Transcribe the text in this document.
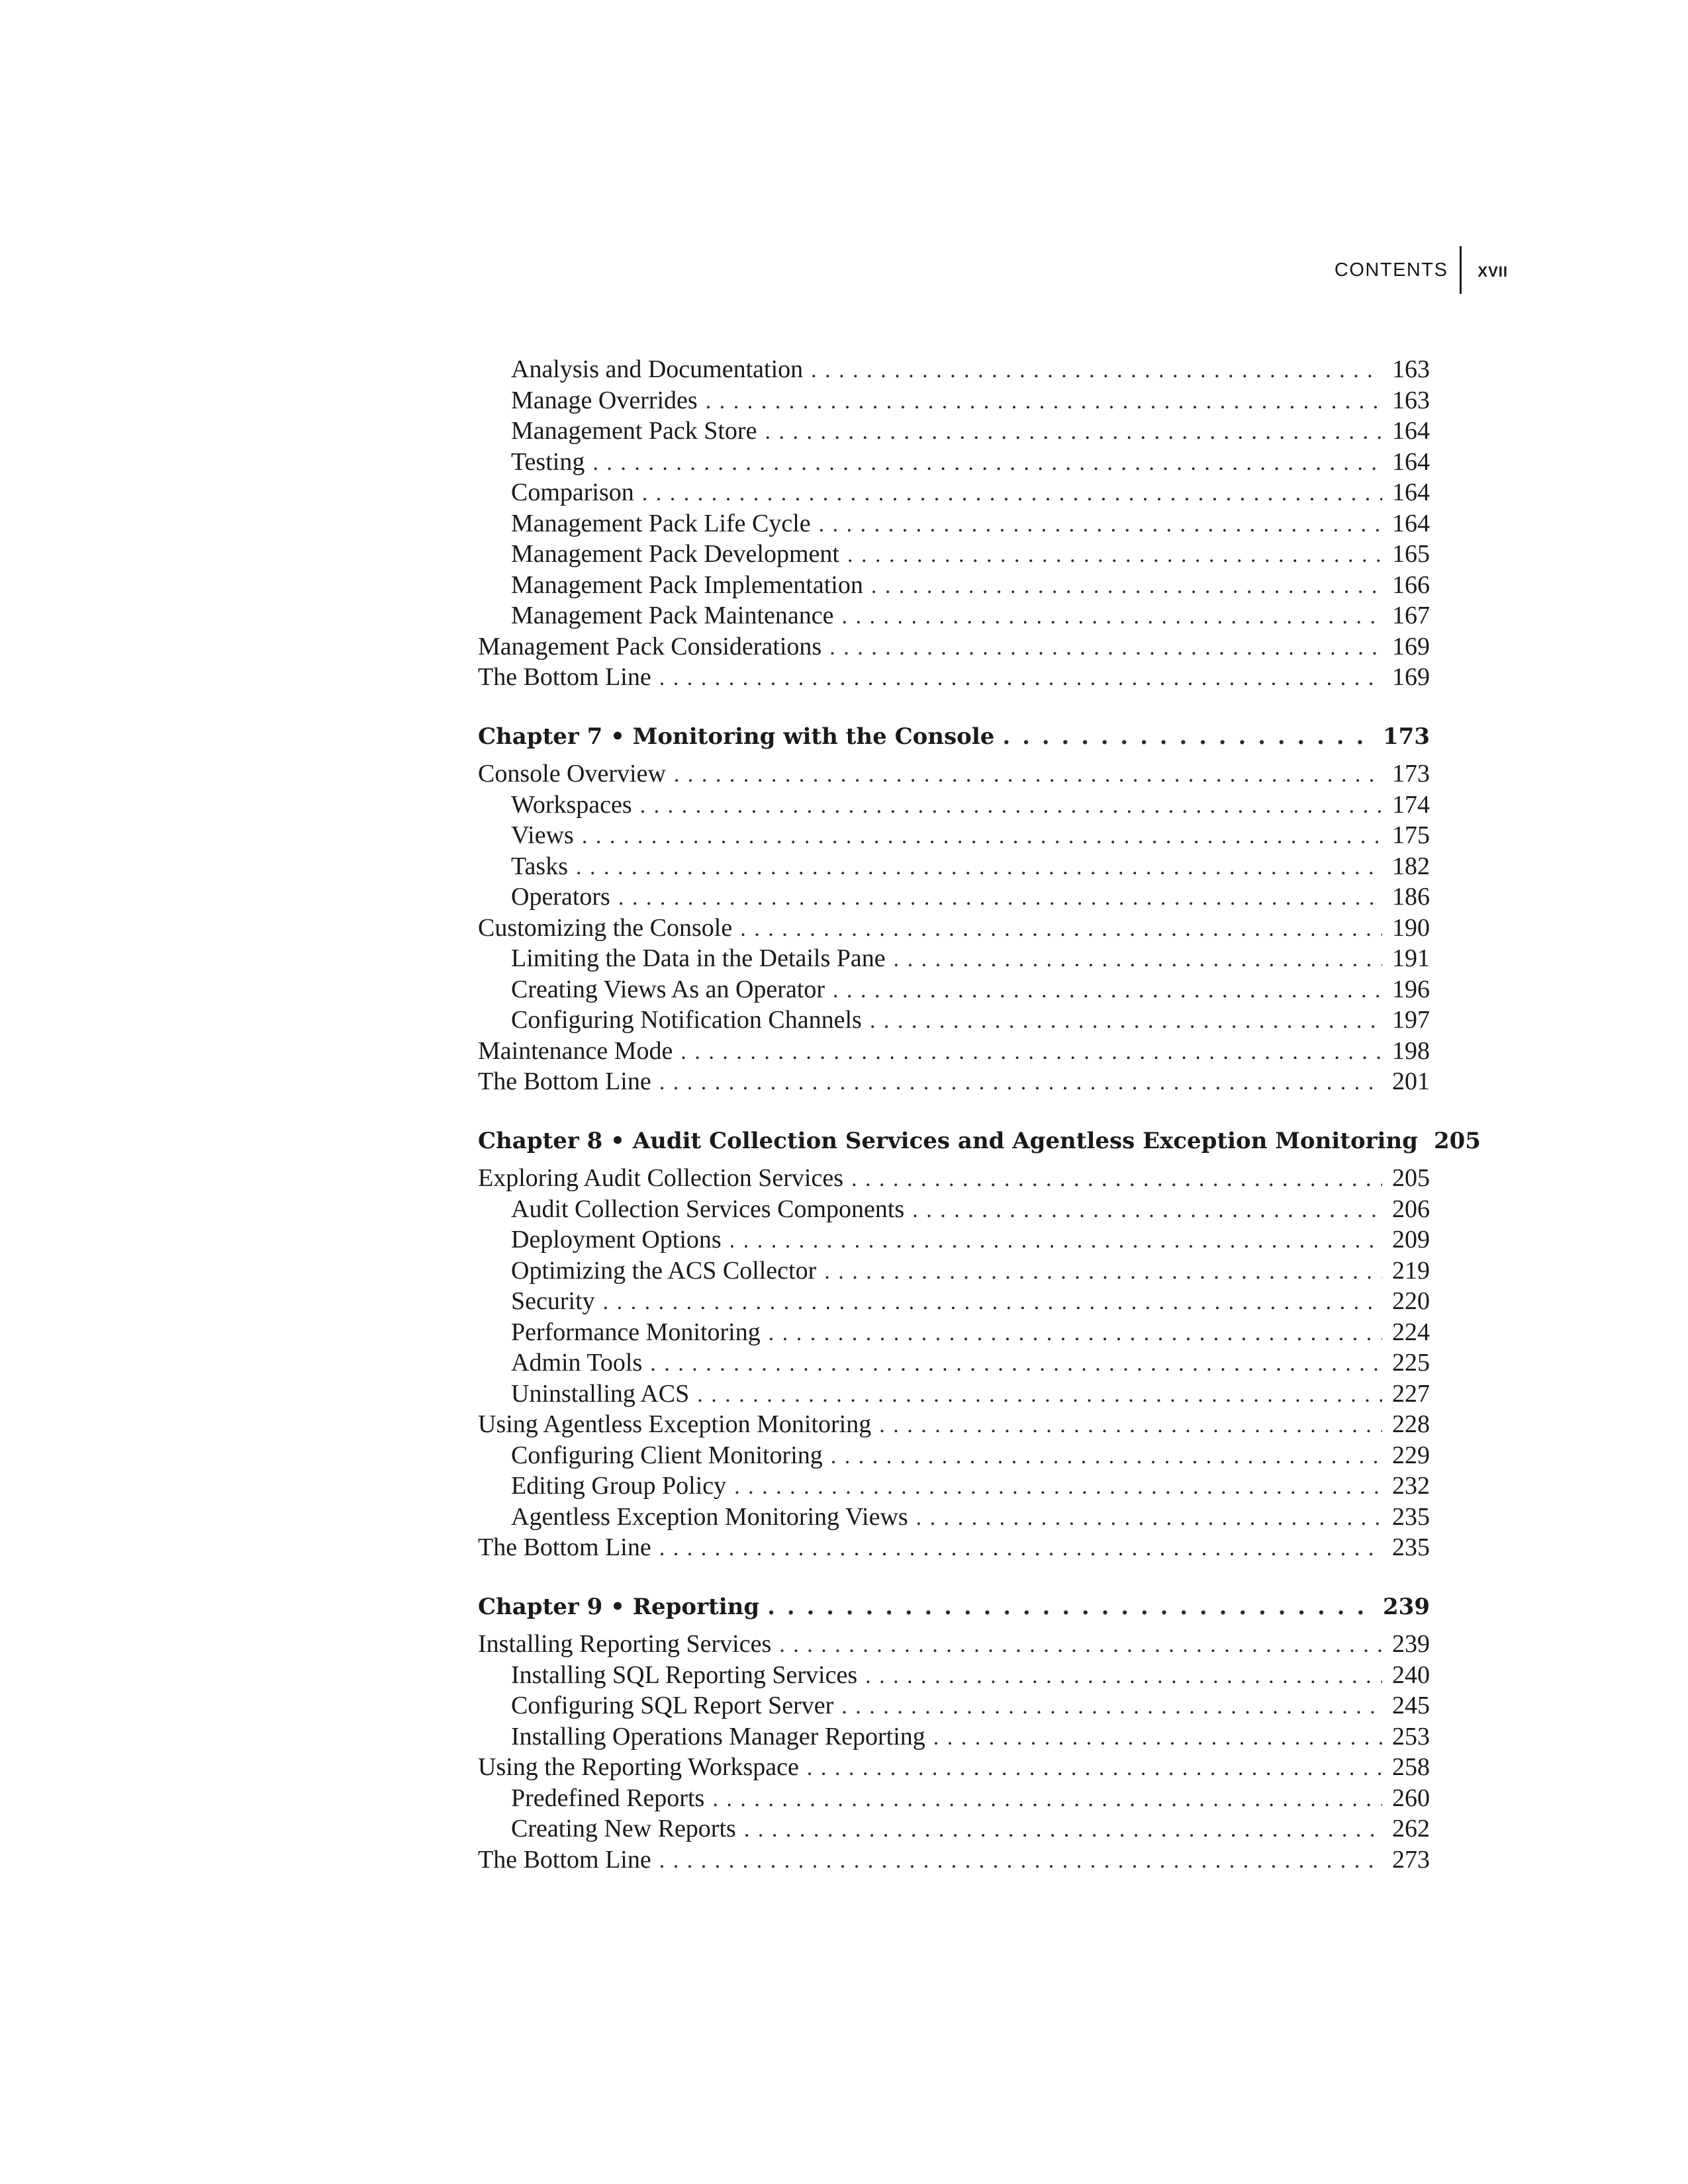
CONTENTS	xvii
Analysis and Documentation . . .	163
Manage Overrides . . .	163
Management Pack Store . . .	164
Testing . . .	164
Comparison . . .	164
Management Pack Life Cycle . . .	164
Management Pack Development . . .	165
Management Pack Implementation . . .	166
Management Pack Maintenance . . .	167
Management Pack Considerations . . .	169
The Bottom Line . . .	169
Chapter 7 • Monitoring with the Console . . .	173
Console Overview . . .	173
Workspaces . . .	174
Views . . .	175
Tasks . . .	182
Operators . . .	186
Customizing the Console . . .	190
Limiting the Data in the Details Pane . . .	191
Creating Views As an Operator . . .	196
Configuring Notification Channels . . .	197
Maintenance Mode . . .	198
The Bottom Line . . .	201
Chapter 8 • Audit Collection Services and Agentless Exception Monitoring 205
Exploring Audit Collection Services . . .	205
Audit Collection Services Components . . .	206
Deployment Options . . .	209
Optimizing the ACS Collector . . .	219
Security . . .	220
Performance Monitoring . . .	224
Admin Tools . . .	225
Uninstalling ACS . . .	227
Using Agentless Exception Monitoring . . .	228
Configuring Client Monitoring . . .	229
Editing Group Policy . . .	232
Agentless Exception Monitoring Views . . .	235
The Bottom Line . . .	235
Chapter 9 • Reporting . . .	239
Installing Reporting Services . . .	239
Installing SQL Reporting Services . . .	240
Configuring SQL Report Server . . .	245
Installing Operations Manager Reporting . . .	253
Using the Reporting Workspace . . .	258
Predefined Reports . . .	260
Creating New Reports . . .	262
The Bottom Line . . .	273
